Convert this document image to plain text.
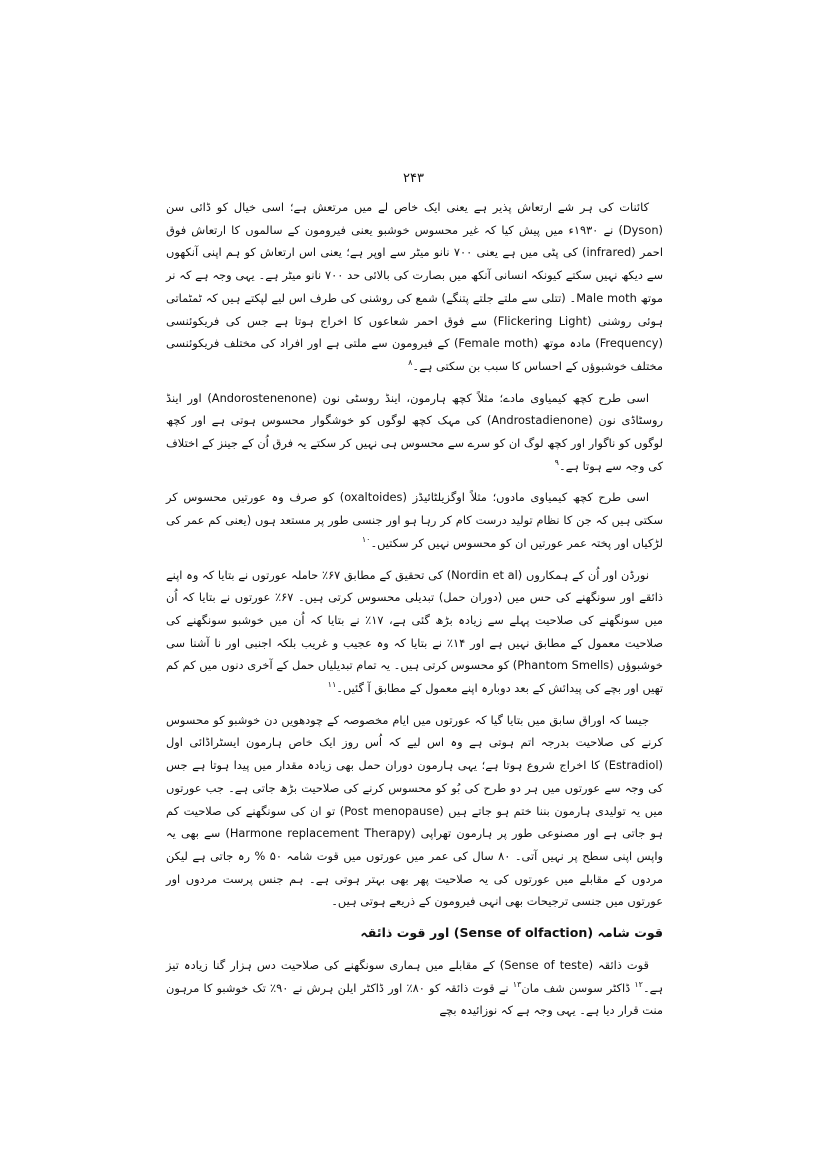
۲۴۳

کائنات کی ہر شے ارتعاش پذیر ہے یعنی ایک خاص لے میں مرتعش ہے؛ اسی خیال کو ڈائی سن (Dyson) نے ۱۹۳۰ء میں پیش کیا کہ غیر محسوس خوشبو یعنی فیرومون کے سالموں کا ارتعاش فوق احمر (infrared) کی پٹی میں ہے یعنی ۷۰۰ نانو میٹر سے اوپر ہے؛ یعنی اس ارتعاش کو ہم اپنی آنکھوں سے دیکھ نہیں سکتے کیونکہ انسانی آنکھ میں بصارت کی بالائی حد ۷۰۰ نانو میٹر ہے۔ یہی وجہ ہے کہ نر موتھ Male moth۔ (تتلی سے ملتے جلتے پتنگے) شمع کی روشنی کی طرف اس لیے لپکتے ہیں کہ ٹمٹماتی ہوئی روشنی (Flickering Light) سے فوق احمر شعاعوں کا اخراج ہوتا ہے جس کی فریکوئنسی (Frequency) مادہ موتھ (Female moth) کے فیرومون سے ملتی ہے اور افراد کی مختلف فریکوئنسی مختلف خوشبوؤں کے احساس کا سبب بن سکتی ہے۔$^۸$

اسی طرح کچھ کیمیاوی مادے؛ مثلاً کچھ ہارمون، اینڈ روسٹی نون (Andorostenenone) اور اینڈ روسٹاڈی نون (Androstadienone) کی مہک کچھ لوگوں کو خوشگوار محسوس ہوتی ہے اور کچھ لوگوں کو ناگوار اور کچھ لوگ ان کو سرے سے محسوس ہی نہیں کر سکتے یہ فرق اُن کے جینز کے اختلاف کی وجہ سے ہوتا ہے۔$^۹$

اسی طرح کچھ کیمیاوی مادوں؛ مثلاً اوگزیلٹائیڈز (oxaltoides) کو صرف وہ عورتیں محسوس کر سکتی ہیں کہ جن کا نظام تولید درست کام کر رہا ہو اور جنسی طور پر مستعد ہوں (یعنی کم عمر کی لڑکیاں اور پختہ عمر عورتیں ان کو محسوس نہیں کر سکتیں۔$^{۱۰}$

نورڈن اور اُن کے ہمکاروں (Nordin et al) کی تحقیق کے مطابق ۶۷٪ حاملہ عورتوں نے بتایا کہ وہ اپنے ذائقے اور سونگھنے کی حس میں (دوران حمل) تبدیلی محسوس کرتی ہیں۔ ۶۷٪ عورتوں نے بتایا کہ اُن میں سونگھنے کی صلاحیت پہلے سے زیادہ بڑھ گئی ہے، ۱۷٪ نے بتایا کہ اُن میں خوشبو سونگھنے کی صلاحیت معمول کے مطابق نہیں ہے اور ۱۴٪ نے بتایا کہ وہ عجیب و غریب بلکہ اجنبی اور نا آشنا سی خوشبوؤں (Phantom Smells) کو محسوس کرتی ہیں۔ یہ تمام تبدیلیاں حمل کے آخری دنوں میں کم کم تھیں اور بچے کی پیدائش کے بعد دوبارہ اپنے معمول کے مطابق آ گئیں۔$^{۱۱}$

جیسا کہ اوراق سابق میں بتایا گیا کہ عورتوں میں ایام مخصوصہ کے چودھویں دن خوشبو کو محسوس کرنے کی صلاحیت بدرجہ اتم ہوتی ہے وہ اس لیے کہ اُس روز ایک خاص ہارمون ایسٹراڈائی اول (Estradiol) کا اخراج شروع ہوتا ہے؛ یہی ہارمون دوران حمل بھی زیادہ مقدار میں پیدا ہوتا ہے جس کی وجہ سے عورتوں میں ہر دو طرح کی بُو کو محسوس کرنے کی صلاحیت بڑھ جاتی ہے۔ جب عورتوں میں یہ تولیدی ہارمون بننا ختم ہو جاتے ہیں (Post menopause) تو ان کی سونگھنے کی صلاحیت کم ہو جاتی ہے اور مصنوعی طور پر ہارمون تھراپی (Harmone replacement Therapy) سے بھی یہ واپس اپنی سطح پر نہیں آتی۔ ۸۰ سال کی عمر میں عورتوں میں قوت شامہ ۵۰ % رہ جاتی ہے لیکن مردوں کے مقابلے میں عورتوں کی یہ صلاحیت پھر بھی بہتر ہوتی ہے۔ ہم جنس پرست مردوں اور عورتوں میں جنسی ترجیحات بھی انہی فیرومون کے ذریعے ہوتی ہیں۔

قوت شامہ (Sense of olfaction) اور قوت ذائقہ

قوت ذائقہ (Sense of teste) کے مقابلے میں ہماری سونگھنے کی صلاحیت دس ہزار گنا زیادہ تیز ہے۔$^{۱۲}$ ڈاکٹر سوسن شف مان$^{۱۳}$ نے قوت ذائقہ کو ۸۰٪ اور ڈاکٹر ایلن ہرش نے ۹۰٪ تک خوشبو کا مرہون منت قرار دیا ہے۔ یہی وجہ ہے کہ نوزائیدہ بچے
